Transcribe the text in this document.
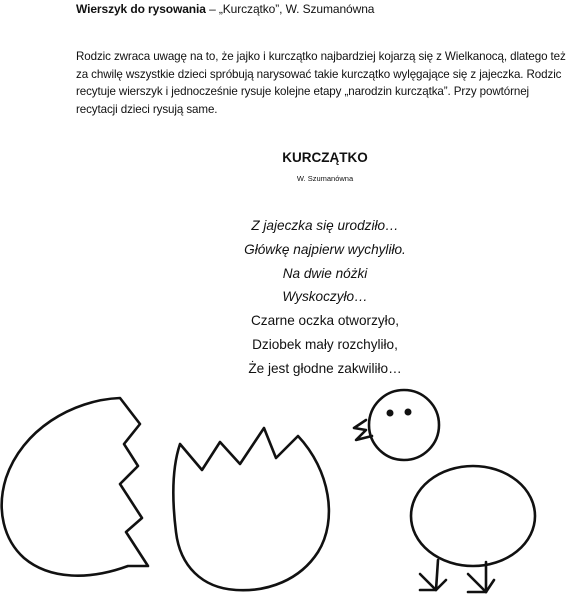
Wierszyk do rysowania – „Kurczątko”, W. Szumanówna

Rodzic zwraca uwagę na to, że jajko i kurczątko najbardziej kojarzą się z Wielkanocą, dlatego też za chwilę wszystkie dzieci spróbują narysować takie kurczątko wylęgające się z jajeczka. Rodzic recytuje wierszyk i jednocześnie rysuje kolejne etapy „narodzin kurczątka”. Przy powtórnej recytacji dzieci rysują same.

KURCZĄTKO
W. Szumanówna
Z jajeczka się urodziło…
Główkę najpierw wychyliło.
Na dwie nóżki
Wyskoczyło…
Czarne oczka otworzyło,
Dziobek mały rozchyliło,
Że jest głodne zakwiliło…
